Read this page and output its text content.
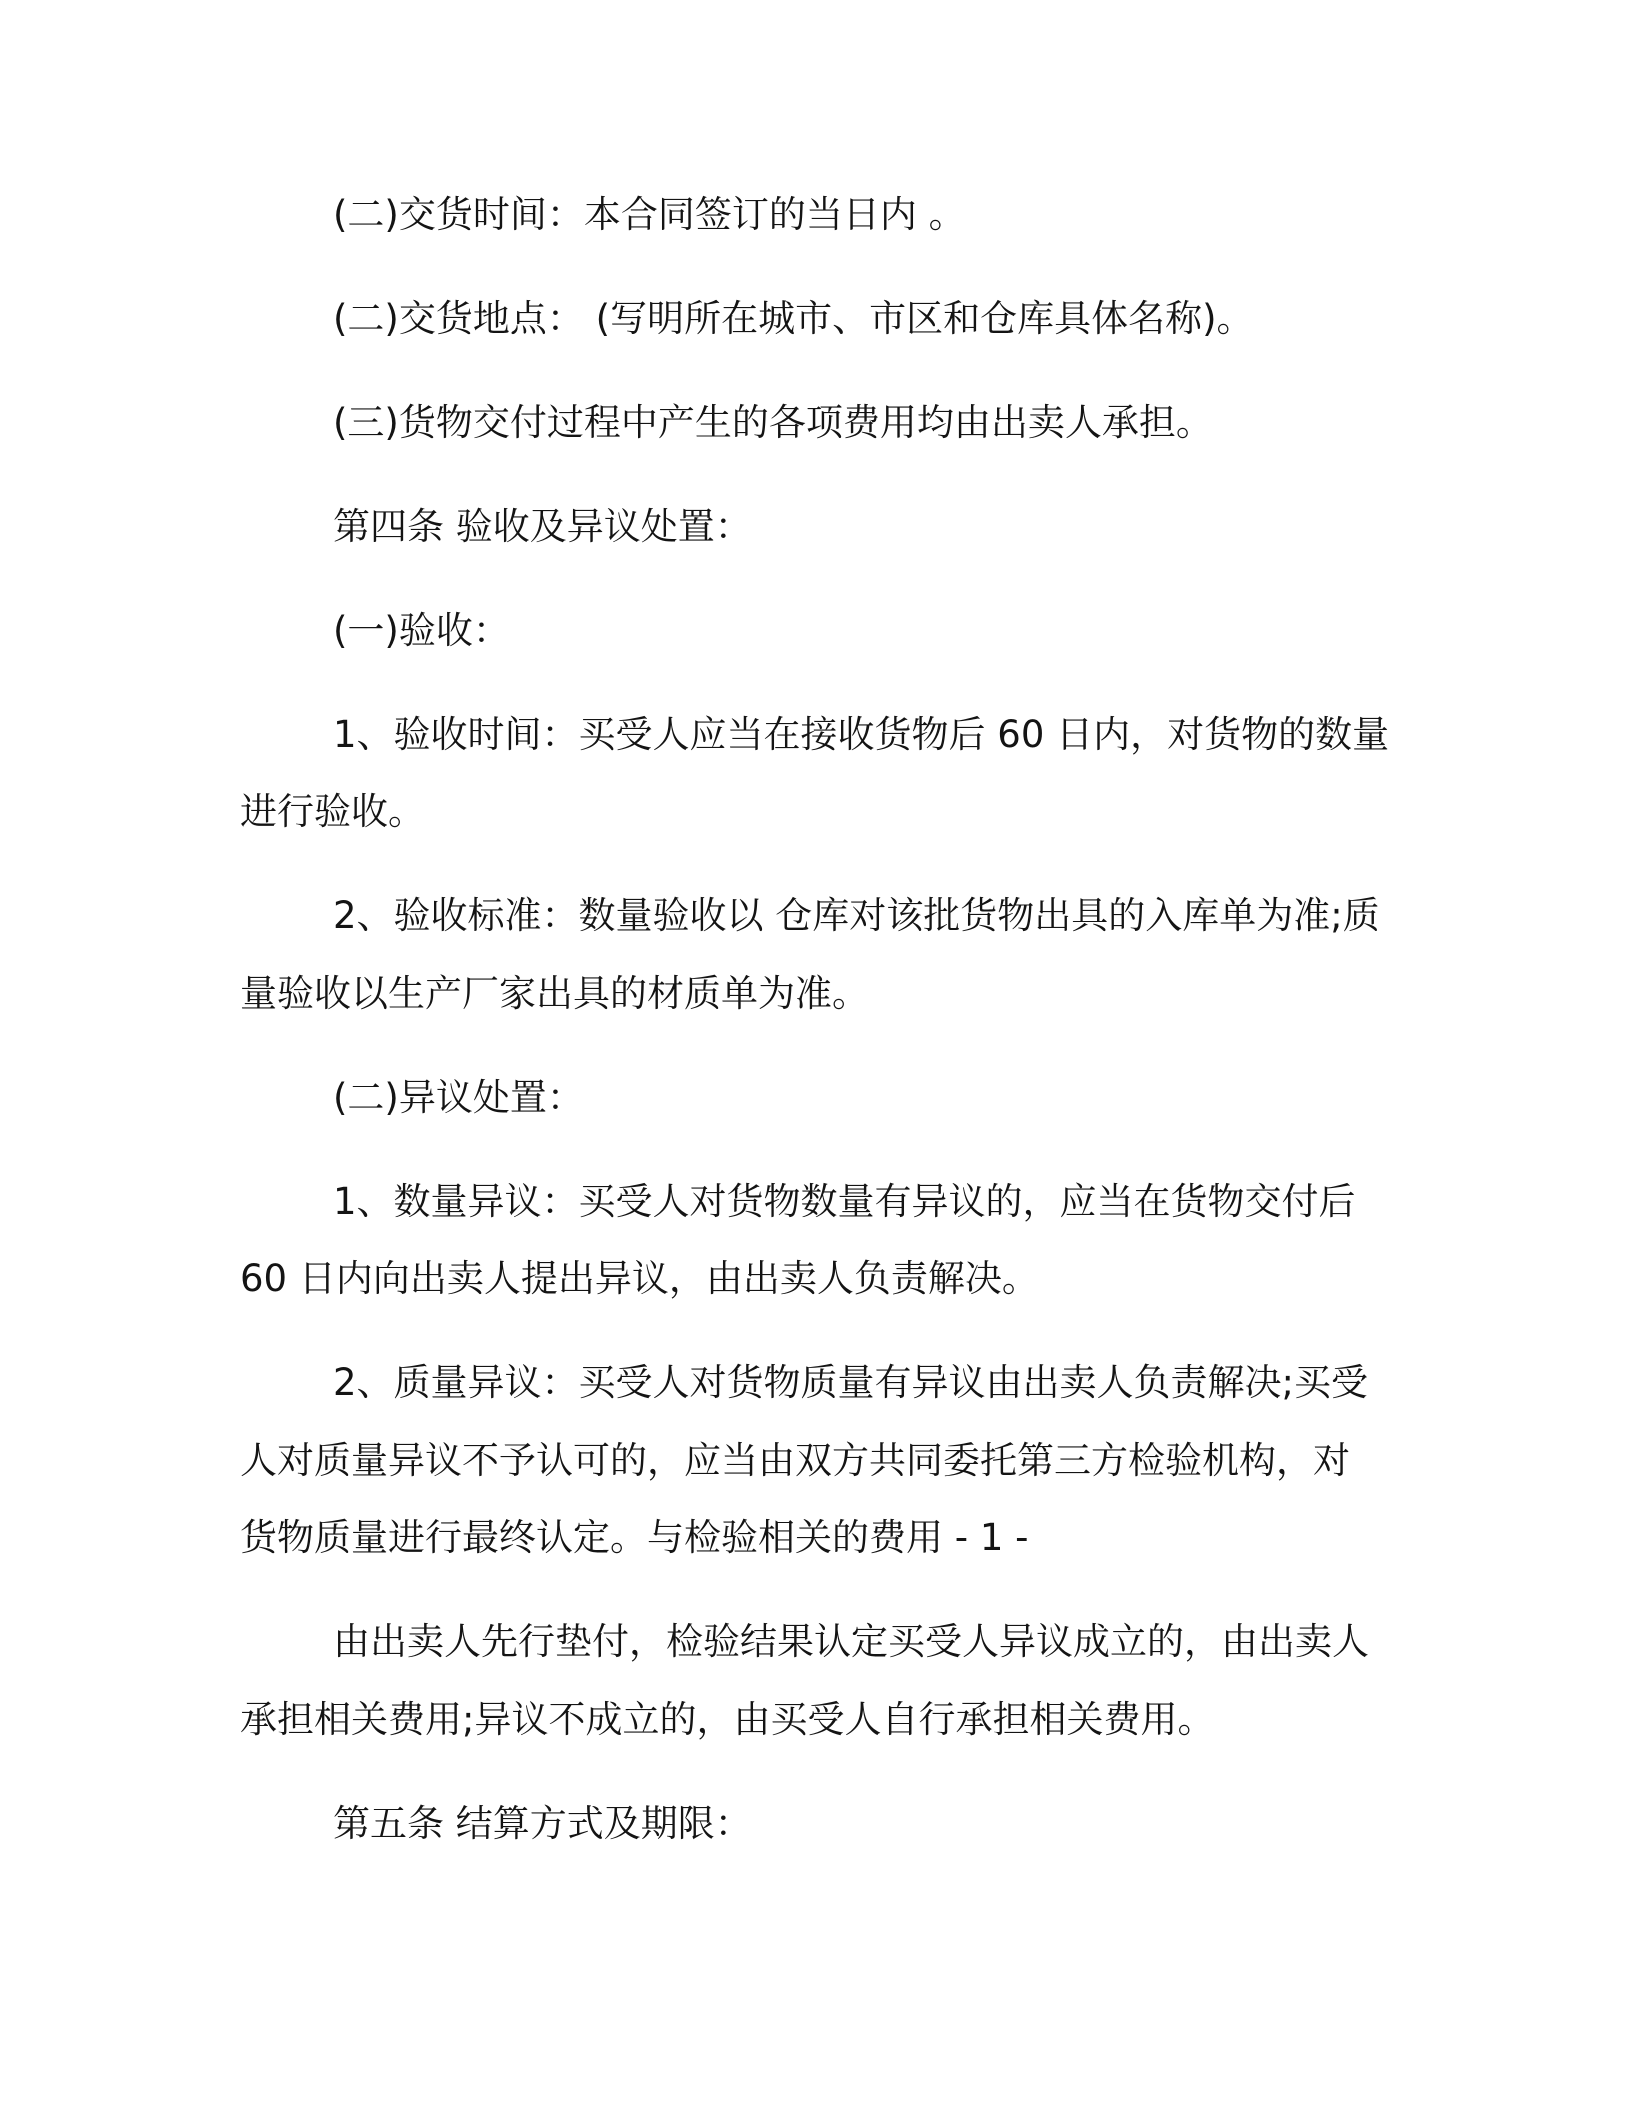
(二)交货时间：本合同签订的当日内 。
(二)交货地点： (写明所在城市、市区和仓库具体名称)。
(三)货物交付过程中产生的各项费用均由出卖人承担。
第四条 验收及异议处置：
(一)验收：
1、验收时间：买受人应当在接收货物后 60 日内，对货物的数量
进行验收。
2、验收标准：数量验收以 仓库对该批货物出具的入库单为准;质
量验收以生产厂家出具的材质单为准。
(二)异议处置：
1、数量异议：买受人对货物数量有异议的，应当在货物交付后
60 日内向出卖人提出异议，由出卖人负责解决。
2、质量异议：买受人对货物质量有异议由出卖人负责解决;买受
人对质量异议不予认可的，应当由双方共同委托第三方检验机构，对
货物质量进行最终认定。与检验相关的费用 - 1 -
由出卖人先行垫付，检验结果认定买受人异议成立的，由出卖人
承担相关费用;异议不成立的，由买受人自行承担相关费用。
第五条 结算方式及期限：
